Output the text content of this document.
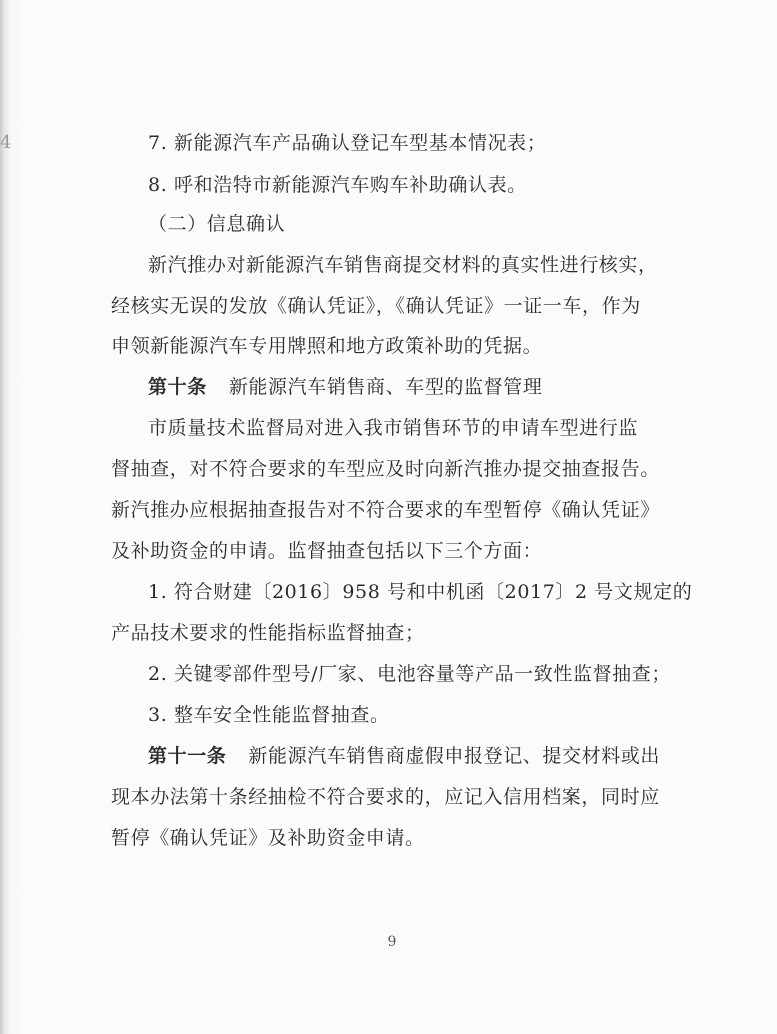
4	7. 新能源汽车产品确认登记车型基本情况表；
8. 呼和浩特市新能源汽车购车补助确认表。
（二）信息确认
新汽推办对新能源汽车销售商提交材料的真实性进行核实，
经核实无误的发放《确认凭证》，《确认凭证》一证一车，作为
申领新能源汽车专用牌照和地方政策补助的凭据。
第十条 新能源汽车销售商、车型的监督管理
市质量技术监督局对进入我市销售环节的申请车型进行监
督抽查，对不符合要求的车型应及时向新汽推办提交抽查报告。
新汽推办应根据抽查报告对不符合要求的车型暂停《确认凭证》
及补助资金的申请。监督抽查包括以下三个方面：
1. 符合财建〔2016〕958 号和中机函〔2017〕2 号文规定的
产品技术要求的性能指标监督抽查；
2. 关键零部件型号/厂家、电池容量等产品一致性监督抽查；
3. 整车安全性能监督抽查。
第十一条 新能源汽车销售商虚假申报登记、提交材料或出
现本办法第十条经抽检不符合要求的，应记入信用档案，同时应
暂停《确认凭证》及补助资金申请。
9
